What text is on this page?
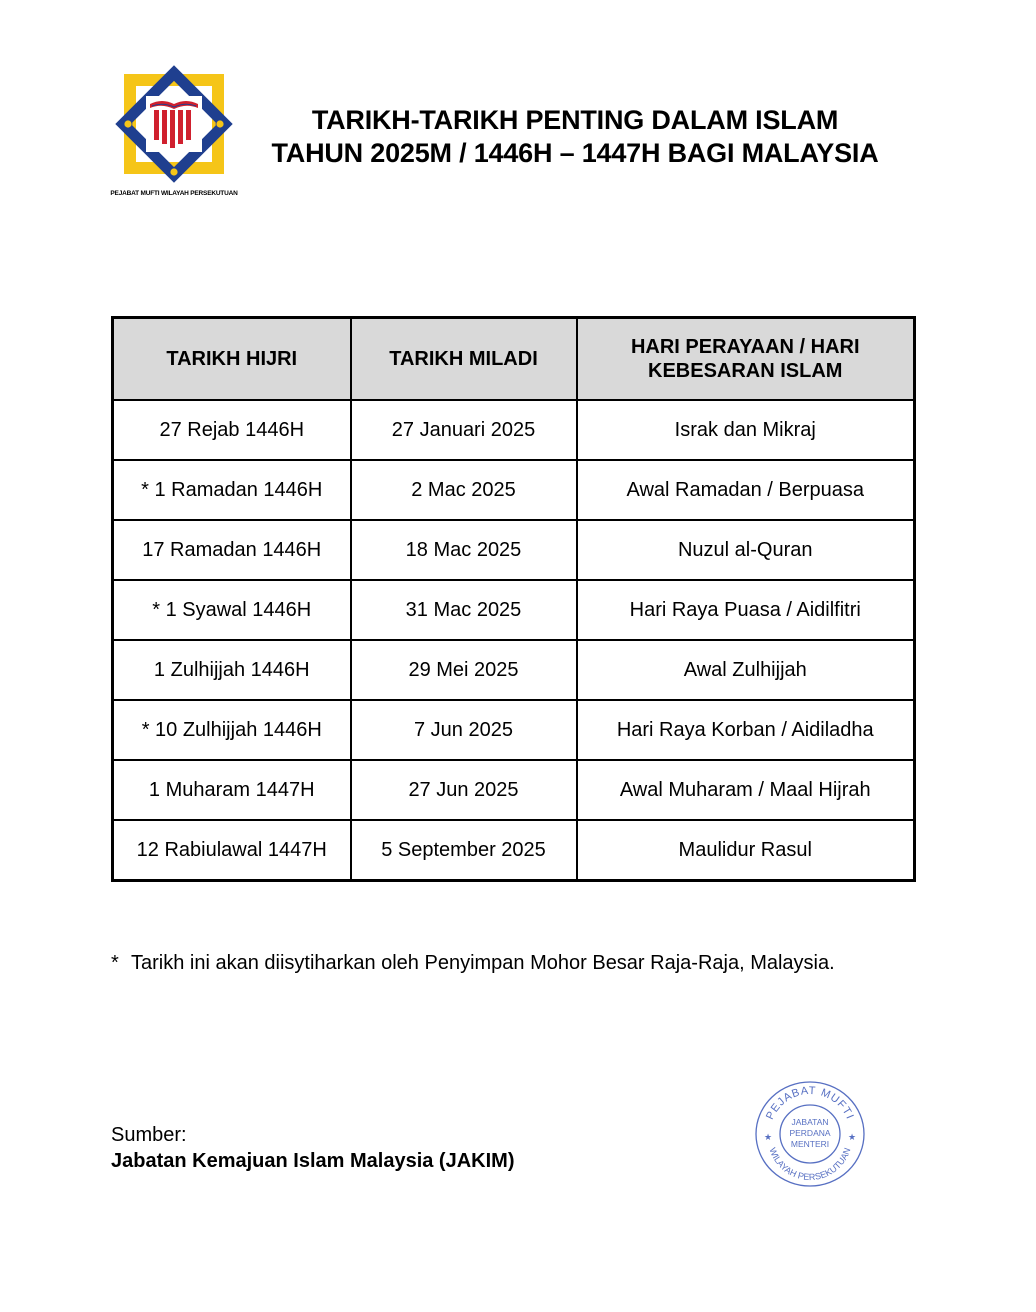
PEJABAT MUFTI WILAYAH PERSEKUTUAN
TARIKH-TARIKH PENTING DALAM ISLAM
TAHUN 2025M / 1446H – 1447H BAGI MALAYSIA
TARIKH HIJRI	TARIKH MILADI	HARI PERAYAAN / HARI KEBESARAN ISLAM
27 Rejab 1446H	27 Januari 2025	Israk dan Mikraj
* 1 Ramadan 1446H	2 Mac 2025	Awal Ramadan / Berpuasa
17 Ramadan 1446H	18 Mac 2025	Nuzul al-Quran
* 1 Syawal 1446H	31 Mac 2025	Hari Raya Puasa / Aidilfitri
1 Zulhijjah 1446H	29 Mei 2025	Awal Zulhijjah
* 10 Zulhijjah 1446H	7 Jun 2025	Hari Raya Korban / Aidiladha
1 Muharam 1447H	27 Jun 2025	Awal Muharam / Maal Hijrah
12 Rabiulawal 1447H	5 September 2025	Maulidur Rasul
* Tarikh ini akan diisytiharkan oleh Penyimpan Mohor Besar Raja-Raja, Malaysia.
Sumber:
Jabatan Kemajuan Islam Malaysia (JAKIM)
PEJABAT MUFTI
WILAYAH PERSEKUTUAN
JABATAN
PERDANA
MENTERI
★	★
